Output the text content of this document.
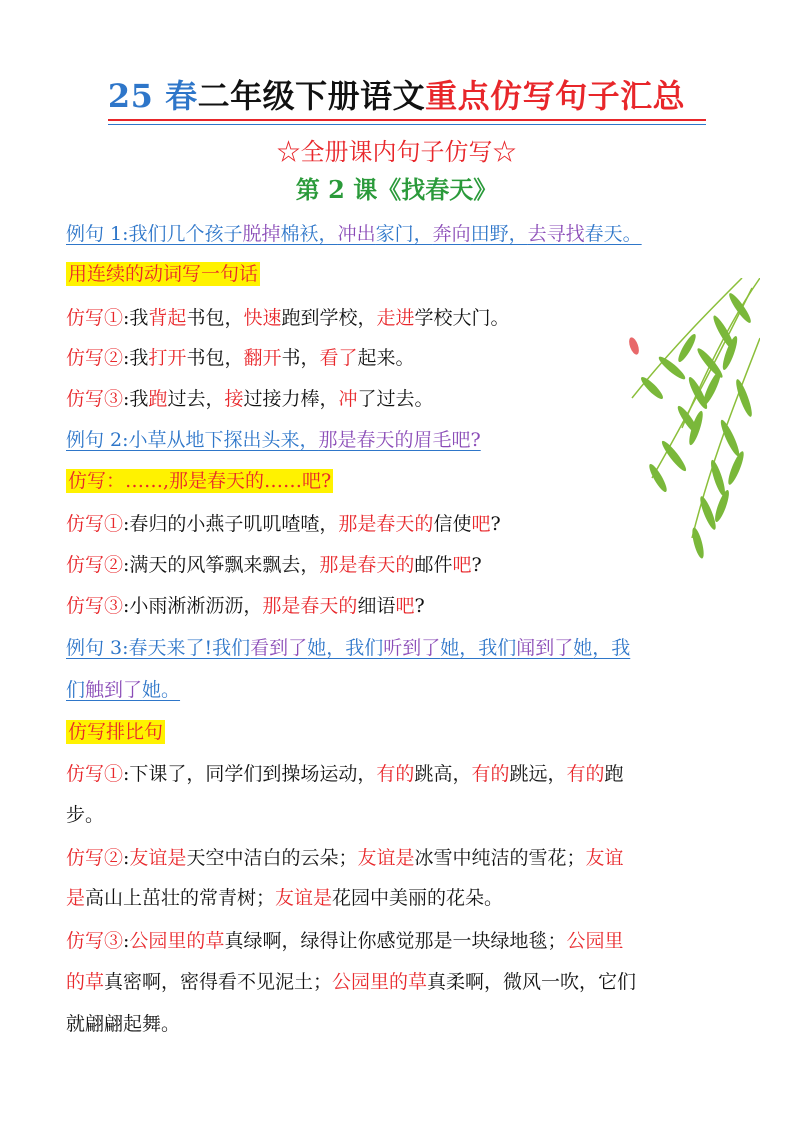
25 春二年级下册语文重点仿写句子汇总
☆全册课内句子仿写☆
第 2 课《找春天》
例句 1:我们几个孩子脱掉棉袄，冲出家门，奔向田野，去寻找春天。
用连续的动词写一句话
仿写①:我背起书包，快速跑到学校，走进学校大门。
仿写②:我打开书包，翻开书，看了起来。
仿写③:我跑过去，接过接力棒，冲了过去。
例句 2:小草从地下探出头来，那是春天的眉毛吧?
仿写：……,那是春天的……吧?
仿写①:春归的小燕子叽叽喳喳，那是春天的信使吧?
仿写②:满天的风筝飘来飘去，那是春天的邮件吧?
仿写③:小雨淅淅沥沥，那是春天的细语吧?
例句 3:春天来了!我们看到了她，我们听到了她，我们闻到了她，我
们触到了她。
仿写排比句
仿写①:下课了，同学们到操场运动，有的跳高，有的跳远，有的跑
步。
仿写②:友谊是天空中洁白的云朵；友谊是冰雪中纯洁的雪花；友谊
是高山上茁壮的常青树；友谊是花园中美丽的花朵。
仿写③:公园里的草真绿啊，绿得让你感觉那是一块绿地毯；公园里
的草真密啊，密得看不见泥土；公园里的草真柔啊，微风一吹，它们
就翩翩起舞。
